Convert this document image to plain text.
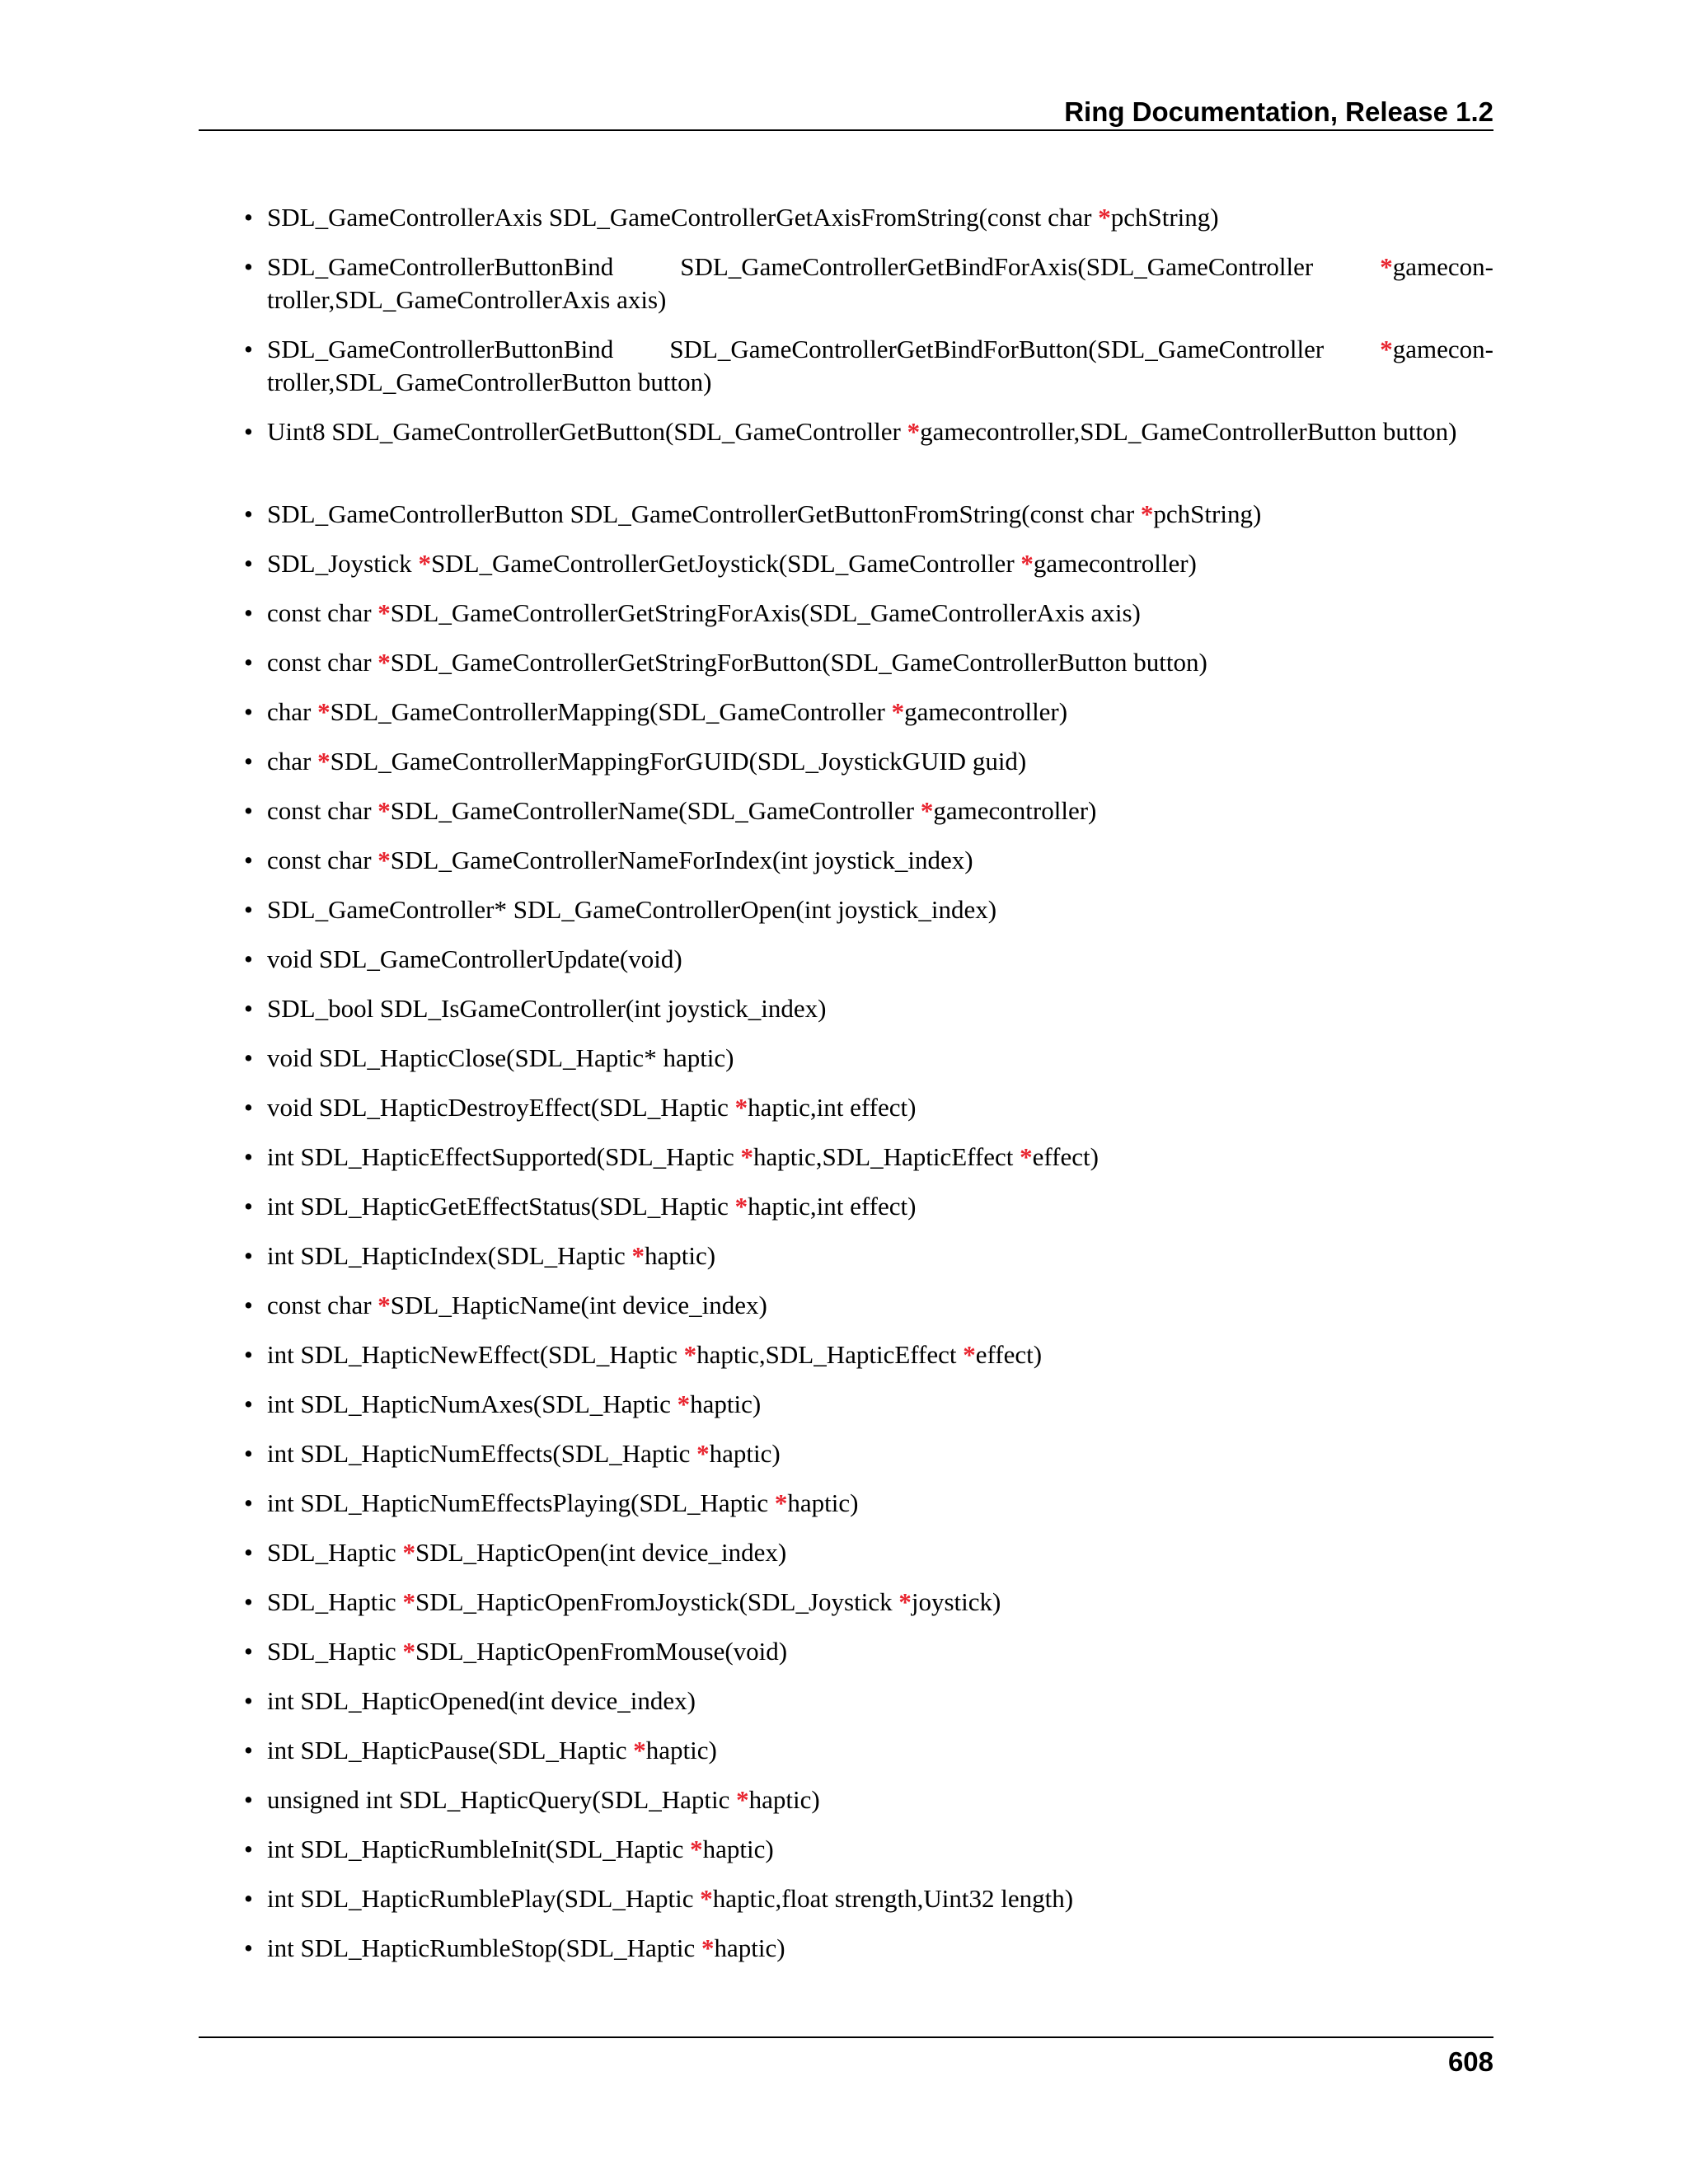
Ring Documentation, Release 1.2
• SDL_GameControllerAxis SDL_GameControllerGetAxisFromString(const char *pchString)
• SDL_GameControllerButtonBind SDL_GameControllerGetBindForAxis(SDL_GameController *gamecon-troller,SDL_GameControllerAxis axis)
• SDL_GameControllerButtonBind SDL_GameControllerGetBindForButton(SDL_GameController *gamecon-troller,SDL_GameControllerButton button)
• Uint8 SDL_GameControllerGetButton(SDL_GameController *gamecontroller,SDL_GameControllerButton button)
• SDL_GameControllerButton SDL_GameControllerGetButtonFromString(const char *pchString)
• SDL_Joystick *SDL_GameControllerGetJoystick(SDL_GameController *gamecontroller)
• const char *SDL_GameControllerGetStringForAxis(SDL_GameControllerAxis axis)
• const char *SDL_GameControllerGetStringForButton(SDL_GameControllerButton button)
• char *SDL_GameControllerMapping(SDL_GameController *gamecontroller)
• char *SDL_GameControllerMappingForGUID(SDL_JoystickGUID guid)
• const char *SDL_GameControllerName(SDL_GameController *gamecontroller)
• const char *SDL_GameControllerNameForIndex(int joystick_index)
• SDL_GameController* SDL_GameControllerOpen(int joystick_index)
• void SDL_GameControllerUpdate(void)
• SDL_bool SDL_IsGameController(int joystick_index)
• void SDL_HapticClose(SDL_Haptic* haptic)
• void SDL_HapticDestroyEffect(SDL_Haptic *haptic,int effect)
• int SDL_HapticEffectSupported(SDL_Haptic *haptic,SDL_HapticEffect *effect)
• int SDL_HapticGetEffectStatus(SDL_Haptic *haptic,int effect)
• int SDL_HapticIndex(SDL_Haptic *haptic)
• const char *SDL_HapticName(int device_index)
• int SDL_HapticNewEffect(SDL_Haptic *haptic,SDL_HapticEffect *effect)
• int SDL_HapticNumAxes(SDL_Haptic *haptic)
• int SDL_HapticNumEffects(SDL_Haptic *haptic)
• int SDL_HapticNumEffectsPlaying(SDL_Haptic *haptic)
• SDL_Haptic *SDL_HapticOpen(int device_index)
• SDL_Haptic *SDL_HapticOpenFromJoystick(SDL_Joystick *joystick)
• SDL_Haptic *SDL_HapticOpenFromMouse(void)
• int SDL_HapticOpened(int device_index)
• int SDL_HapticPause(SDL_Haptic *haptic)
• unsigned int SDL_HapticQuery(SDL_Haptic *haptic)
• int SDL_HapticRumbleInit(SDL_Haptic *haptic)
• int SDL_HapticRumblePlay(SDL_Haptic *haptic,float strength,Uint32 length)
• int SDL_HapticRumbleStop(SDL_Haptic *haptic)
608
